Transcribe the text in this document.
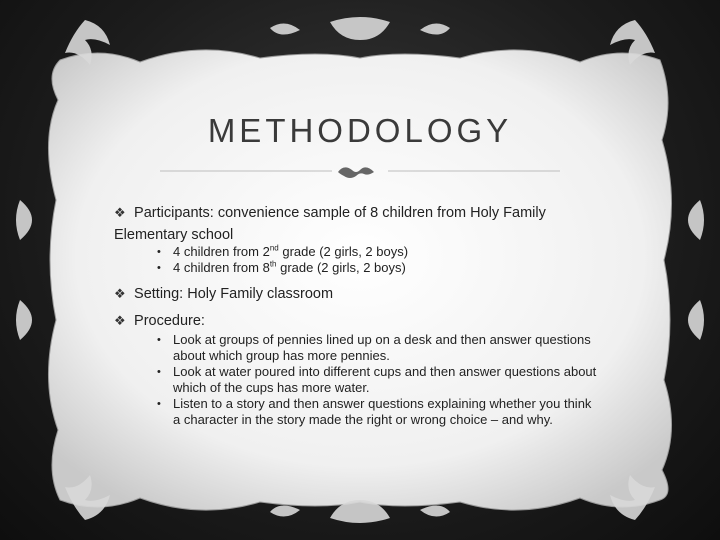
METHODOLOGY
❖ Participants: convenience sample of 8 children from Holy Family Elementary school
• 4 children from 2nd grade (2 girls, 2 boys)
• 4 children from 8th grade (2 girls, 2 boys)
❖ Setting: Holy Family classroom
❖ Procedure:
• Look at groups of pennies lined up on a desk and then answer questions about which group has more pennies.
• Look at water poured into different cups and then answer questions about which of the cups has more water.
• Listen to a story and then answer questions explaining whether you think a character in the story made the right or wrong choice – and why.
